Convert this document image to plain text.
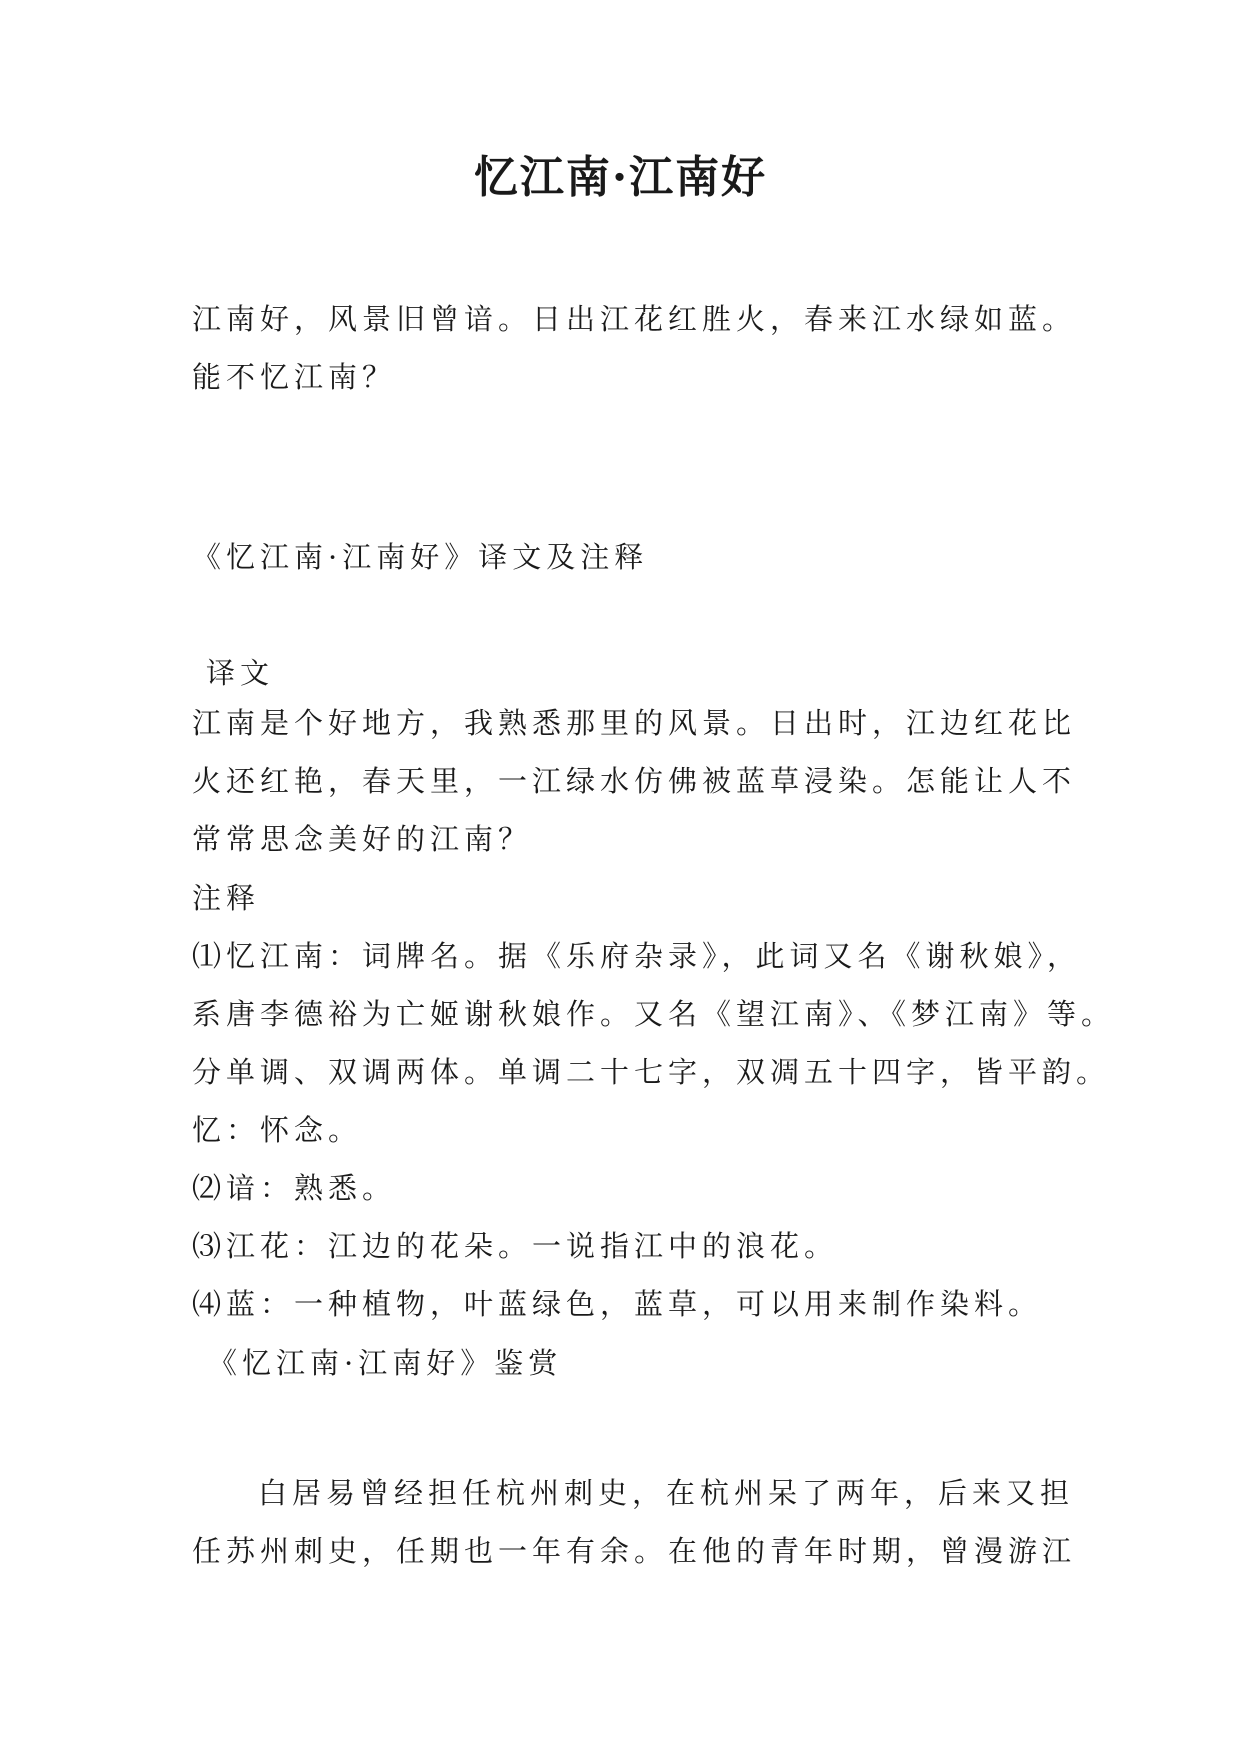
忆江南·江南好
江南好，风景旧曾谙。日出江花红胜火，春来江水绿如蓝。
能不忆江南？
《忆江南·江南好》译文及注释
译文
江南是个好地方，我熟悉那里的风景。日出时，江边红花比
火还红艳，春天里，一江绿水仿佛被蓝草浸染。怎能让人不
常常思念美好的江南？
注释
⑴忆江南：词牌名。据《乐府杂录》，此词又名《谢秋娘》，
系唐李德裕为亡姬谢秋娘作。又名《望江南》、《梦江南》等。
分单调、双调两体。单调二十七字，双凋五十四字，皆平韵。
忆：怀念。
⑵谙：熟悉。
⑶江花：江边的花朵。一说指江中的浪花。
⑷蓝：一种植物，叶蓝绿色，蓝草，可以用来制作染料。
《忆江南·江南好》鉴赏
白居易曾经担任杭州刺史，在杭州呆了两年，后来又担
任苏州刺史，任期也一年有余。在他的青年时期，曾漫游江
